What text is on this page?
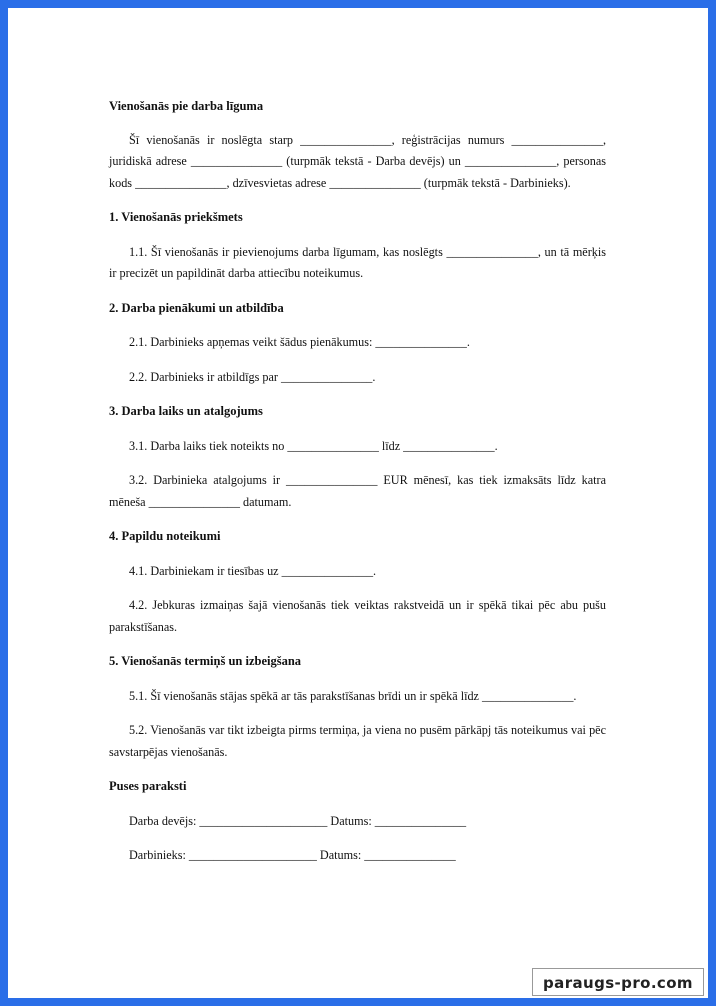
Vienošanās pie darba līguma

Šī vienošanās ir noslēgta starp _______________, reģistrācijas numurs _______________, juridiskā adrese _______________ (turpmāk tekstā - Darba devējs) un _______________, personas kods _______________, dzīvesvietas adrese _______________ (turpmāk tekstā - Darbinieks).

1. Vienošanās priekšmets

1.1. Šī vienošanās ir pievienojums darba līgumam, kas noslēgts _______________, un tā mērķis ir precizēt un papildināt darba attiecību noteikumus.

2. Darba pienākumi un atbildība

2.1. Darbinieks apņemas veikt šādus pienākumus: _______________.

2.2. Darbinieks ir atbildīgs par _______________.

3. Darba laiks un atalgojums

3.1. Darba laiks tiek noteikts no _______________ līdz _______________.

3.2. Darbinieka atalgojums ir _______________ EUR mēnesī, kas tiek izmaksāts līdz katra mēneša _______________ datumam.

4. Papildu noteikumi

4.1. Darbiniekam ir tiesības uz _______________.

4.2. Jebkuras izmaiņas šajā vienošanās tiek veiktas rakstveidā un ir spēkā tikai pēc abu pušu parakstīšanas.

5. Vienošanās termiņš un izbeigšana

5.1. Šī vienošanās stājas spēkā ar tās parakstīšanas brīdi un ir spēkā līdz _______________.

5.2. Vienošanās var tikt izbeigta pirms termiņa, ja viena no pusēm pārkāpj tās noteikumus vai pēc savstarpējas vienošanās.

Puses paraksti

Darba devējs: _____________________ Datums: _______________

Darbinieks: _____________________ Datums: _______________

paraugs-pro.com
